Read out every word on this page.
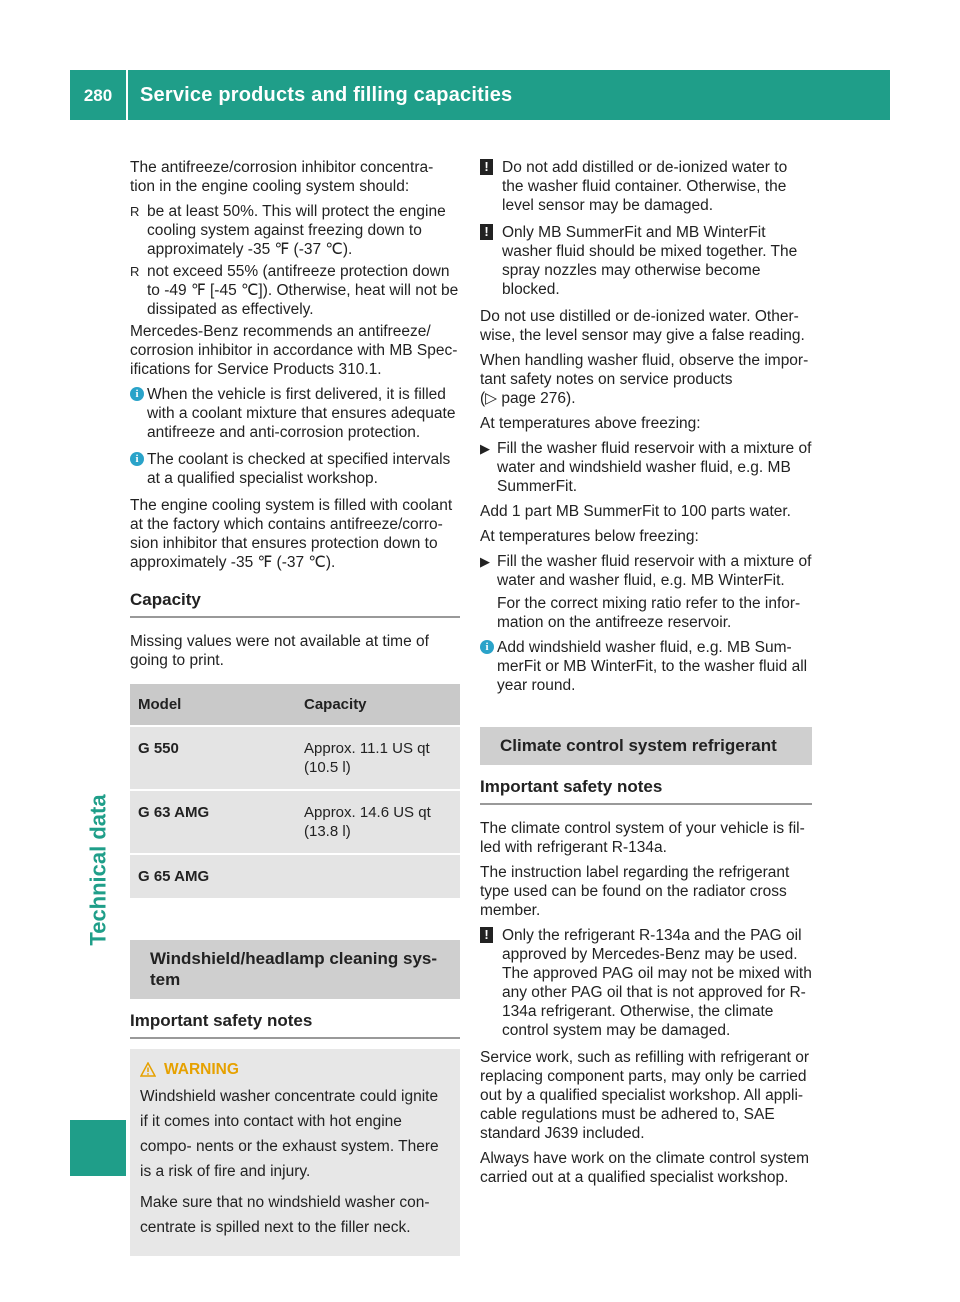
280	Service products and filling capacities
Technical data

The antifreeze/corrosion inhibitor concentra- tion in the engine cooling system should:

R be at least 50%. This will protect the engine cooling system against freezing down to approximately -35 ℉ (-37 ℃).
R not exceed 55% (antifreeze protection down to -49 ℉ [-45 ℃]). Otherwise, heat will not be dissipated as effectively.

Mercedes-Benz recommends an antifreeze/ corrosion inhibitor in accordance with MB Spec- ifications for Service Products 310.1.

i When the vehicle is first delivered, it is filled with a coolant mixture that ensures adequate antifreeze and anti-corrosion protection.
i The coolant is checked at specified intervals at a qualified specialist workshop.

The engine cooling system is filled with coolant at the factory which contains antifreeze/corro- sion inhibitor that ensures protection down to approximately -35 ℉ (-37 ℃).

Capacity

Missing values were not available at time of going to print.

Model	Capacity
G 550	Approx. 11.1 US qt
(10.5 l)

G 63 AMG	Approx. 14.6 US qt
(13.8 l)

G 65 AMG	
Windshield/headlamp cleaning sys-
tem
Important safety notes
WARNING

Windshield washer concentrate could ignite if it comes into contact with hot engine compo- nents or the exhaust system. There is a risk of fire and injury.

Make sure that no windshield washer con- centrate is spilled next to the filler neck.

! Do not add distilled or de-ionized water to the washer fluid container. Otherwise, the level sensor may be damaged.
! Only MB SummerFit and MB WinterFit washer fluid should be mixed together. The spray nozzles may otherwise become blocked.

Do not use distilled or de-ionized water. Other- wise, the level sensor may give a false reading.

When handling washer fluid, observe the impor- tant safety notes on service products
(▷ page 276).

At temperatures above freezing:

▶ Fill the washer fluid reservoir with a mixture of water and windshield washer fluid, e.g. MB SummerFit.

Add 1 part MB SummerFit to 100 parts water.

At temperatures below freezing:

▶ Fill the washer fluid reservoir with a mixture of water and washer fluid, e.g. MB WinterFit.
For the correct mixing ratio refer to the infor- mation on the antifreeze reservoir.
i Add windshield washer fluid, e.g. MB Sum- merFit or MB WinterFit, to the washer fluid all year round.
Climate control system refrigerant
Important safety notes

The climate control system of your vehicle is fil- led with refrigerant R-134a.

The instruction label regarding the refrigerant type used can be found on the radiator cross member.

! Only the refrigerant R-134a and the PAG oil approved by Mercedes-Benz may be used. The approved PAG oil may not be mixed with any other PAG oil that is not approved for R-134a refrigerant. Otherwise, the climate control system may be damaged.

Service work, such as refilling with refrigerant or replacing component parts, may only be carried out by a qualified specialist workshop. All appli- cable regulations must be adhered to, SAE standard J639 included.

Always have work on the climate control system carried out at a qualified specialist workshop.
